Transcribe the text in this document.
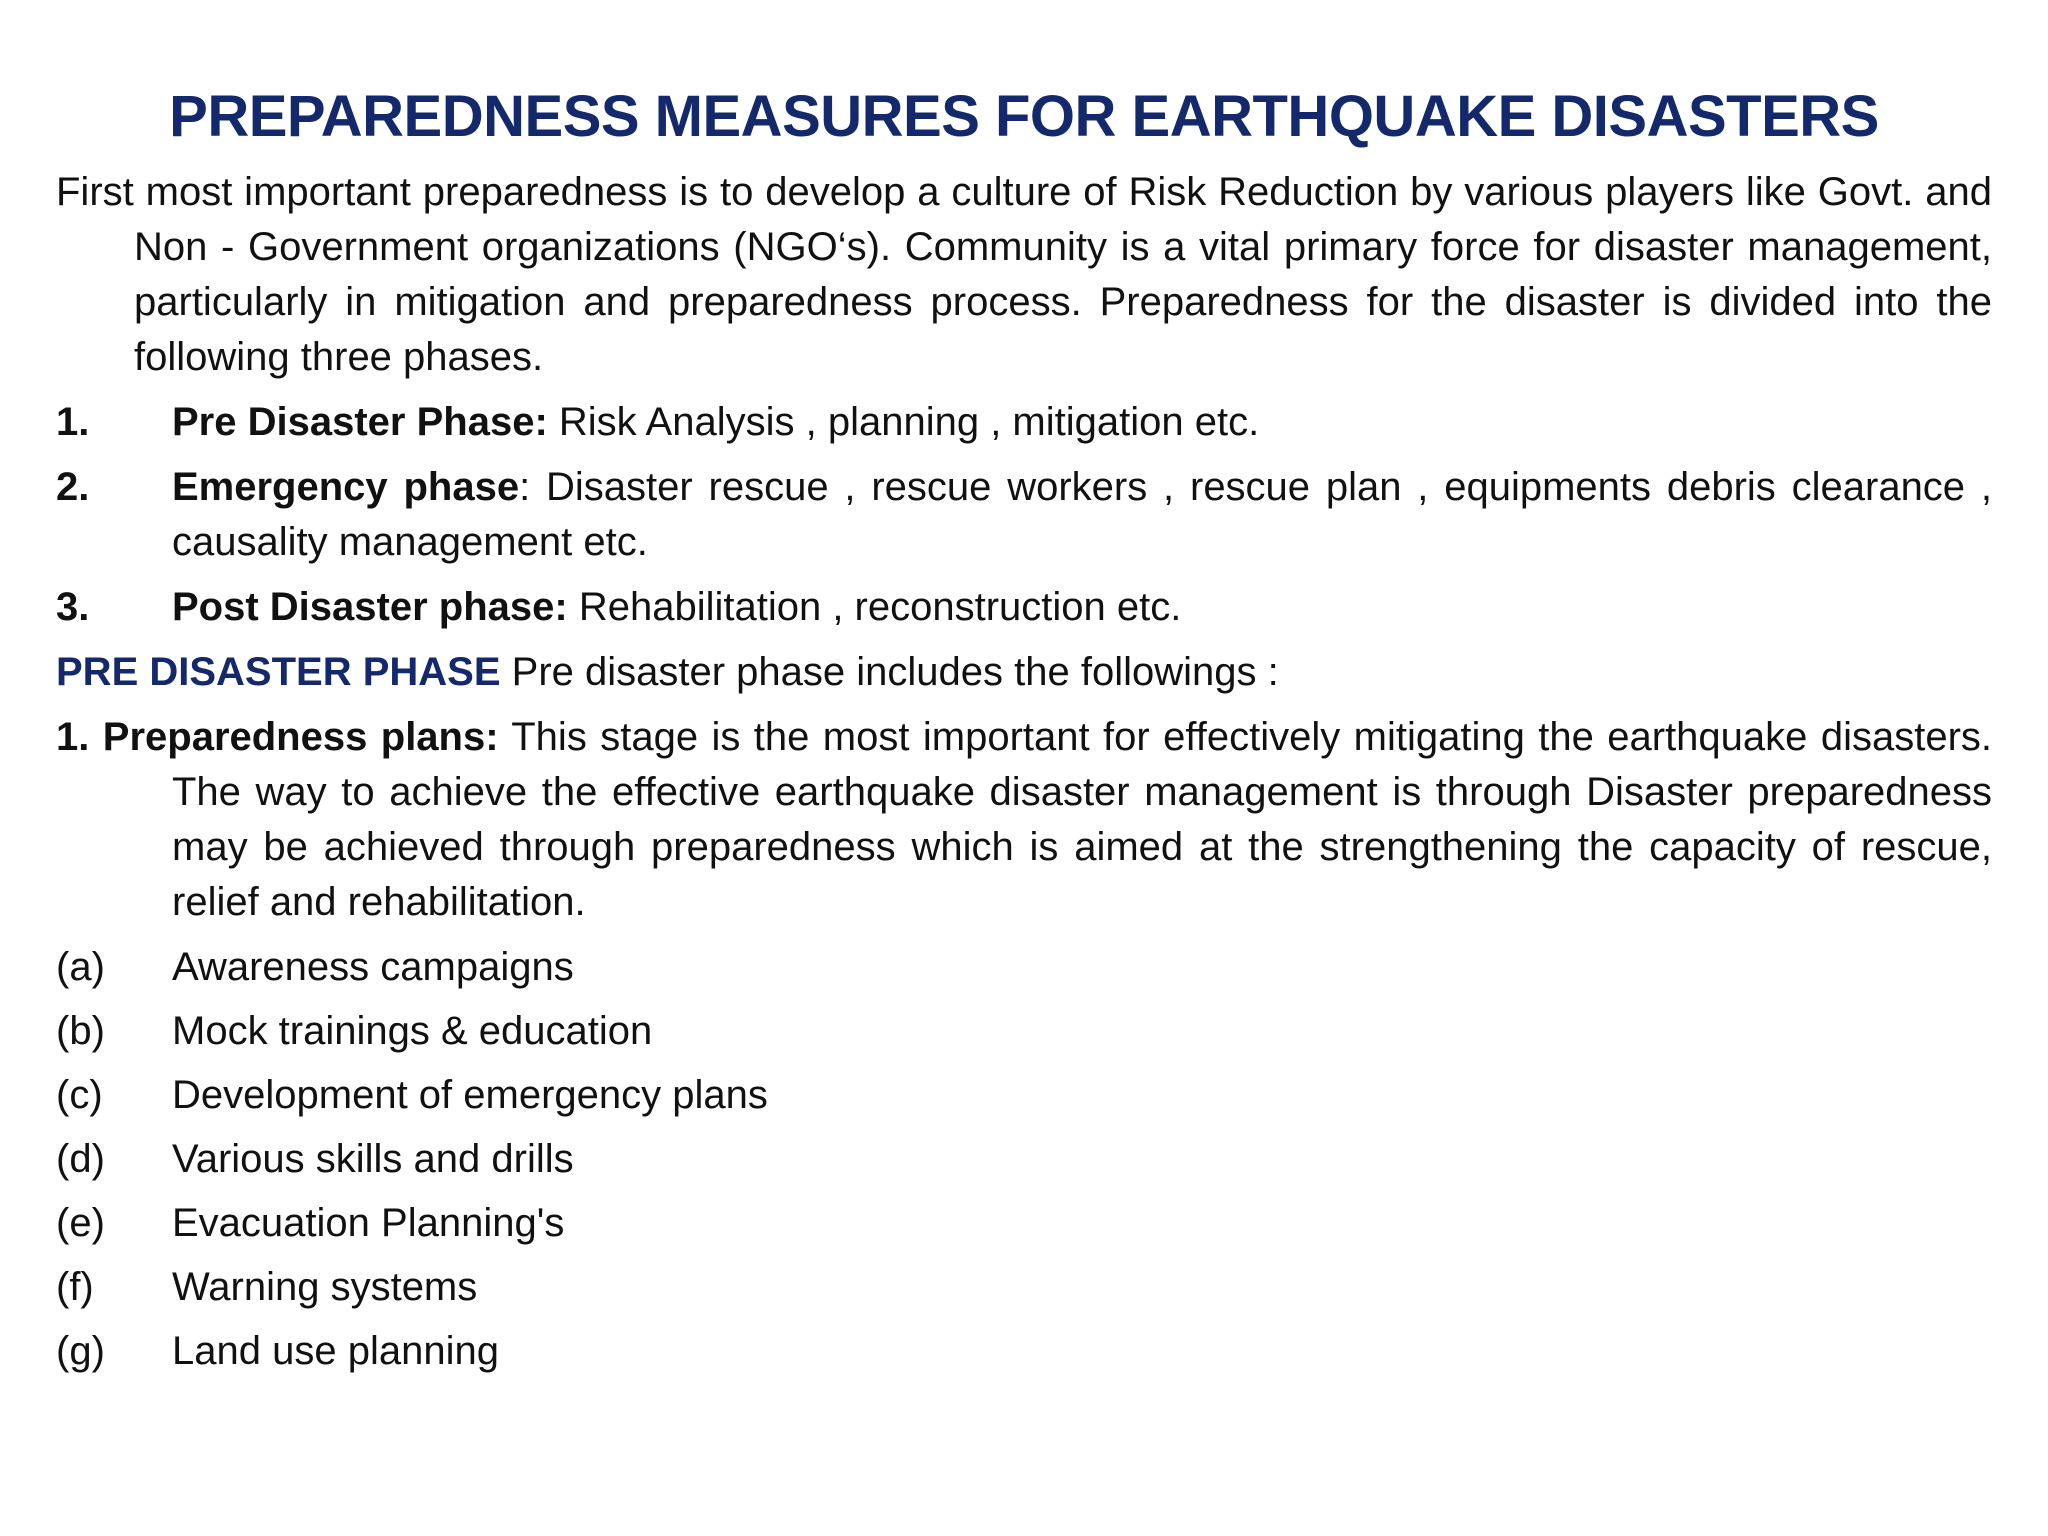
PREPAREDNESS MEASURES FOR EARTHQUAKE DISASTERS

First most important preparedness is to develop a culture of Risk Reduction by various players like Govt. and Non - Government organizations (NGO‘s). Community is a vital primary force for disaster management, particularly in mitigation and preparedness process. Preparedness for the disaster is divided into the following three phases.

1. Pre Disaster Phase: Risk Analysis , planning , mitigation etc.
2. Emergency phase: Disaster rescue , rescue workers , rescue plan , equipments debris clearance , causality management etc.
3. Post Disaster phase: Rehabilitation , reconstruction etc.

PRE DISASTER PHASE Pre disaster phase includes the followings :

1. Preparedness plans: This stage is the most important for effectively mitigating the earthquake disasters. The way to achieve the effective earthquake disaster management is through Disaster preparedness may be achieved through preparedness which is aimed at the strengthening the capacity of rescue, relief and rehabilitation.

(a) Awareness campaigns
(b) Mock trainings & education
(c) Development of emergency plans
(d) Various skills and drills
(e) Evacuation Planning's
(f) Warning systems
(g) Land use planning
